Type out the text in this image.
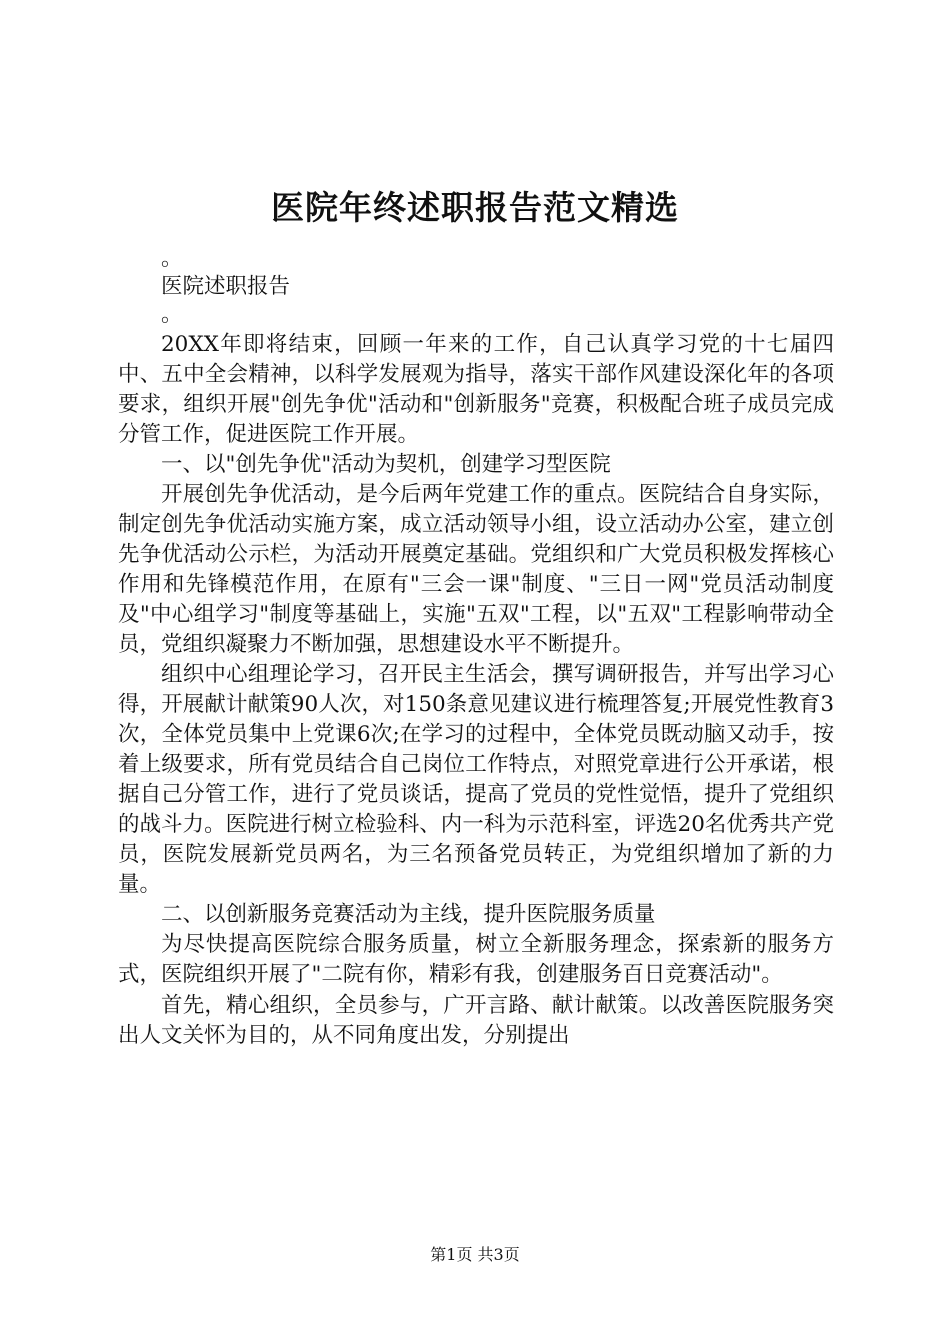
医院年终述职报告范文精选

。

医院述职报告

。

20XX年即将结束，回顾一年来的工作，自己认真学习党的十七届四中、五中全会精神，以科学发展观为指导，落实干部作风建设深化年的各项要求，组织开展"创先争优"活动和"创新服务"竞赛，积极配合班子成员完成分管工作，促进医院工作开展。

一、以"创先争优"活动为契机，创建学习型医院

开展创先争优活动，是今后两年党建工作的重点。医院结合自身实际，制定创先争优活动实施方案，成立活动领导小组，设立活动办公室，建立创先争优活动公示栏，为活动开展奠定基础。党组织和广大党员积极发挥核心作用和先锋模范作用，在原有"三会一课"制度、"三日一网"党员活动制度及"中心组学习"制度等基础上，实施"五双"工程，以"五双"工程影响带动全员，党组织凝聚力不断加强，思想建设水平不断提升。

组织中心组理论学习，召开民主生活会，撰写调研报告，并写出学习心得，开展献计献策90人次，对150条意见建议进行梳理答复;开展党性教育3次，全体党员集中上党课6次;在学习的过程中，全体党员既动脑又动手，按着上级要求，所有党员结合自己岗位工作特点，对照党章进行公开承诺，根据自己分管工作，进行了党员谈话，提高了党员的党性觉悟，提升了党组织的战斗力。医院进行树立检验科、内一科为示范科室，评选20名优秀共产党员，医院发展新党员两名，为三名预备党员转正，为党组织增加了新的力量。

二、以创新服务竞赛活动为主线，提升医院服务质量

为尽快提高医院综合服务质量，树立全新服务理念，探索新的服务方式，医院组织开展了"二院有你，精彩有我，创建服务百日竞赛活动"。

首先，精心组织，全员参与，广开言路、献计献策。以改善医院服务突出人文关怀为目的，从不同角度出发，分别提出

第1页 共3页
